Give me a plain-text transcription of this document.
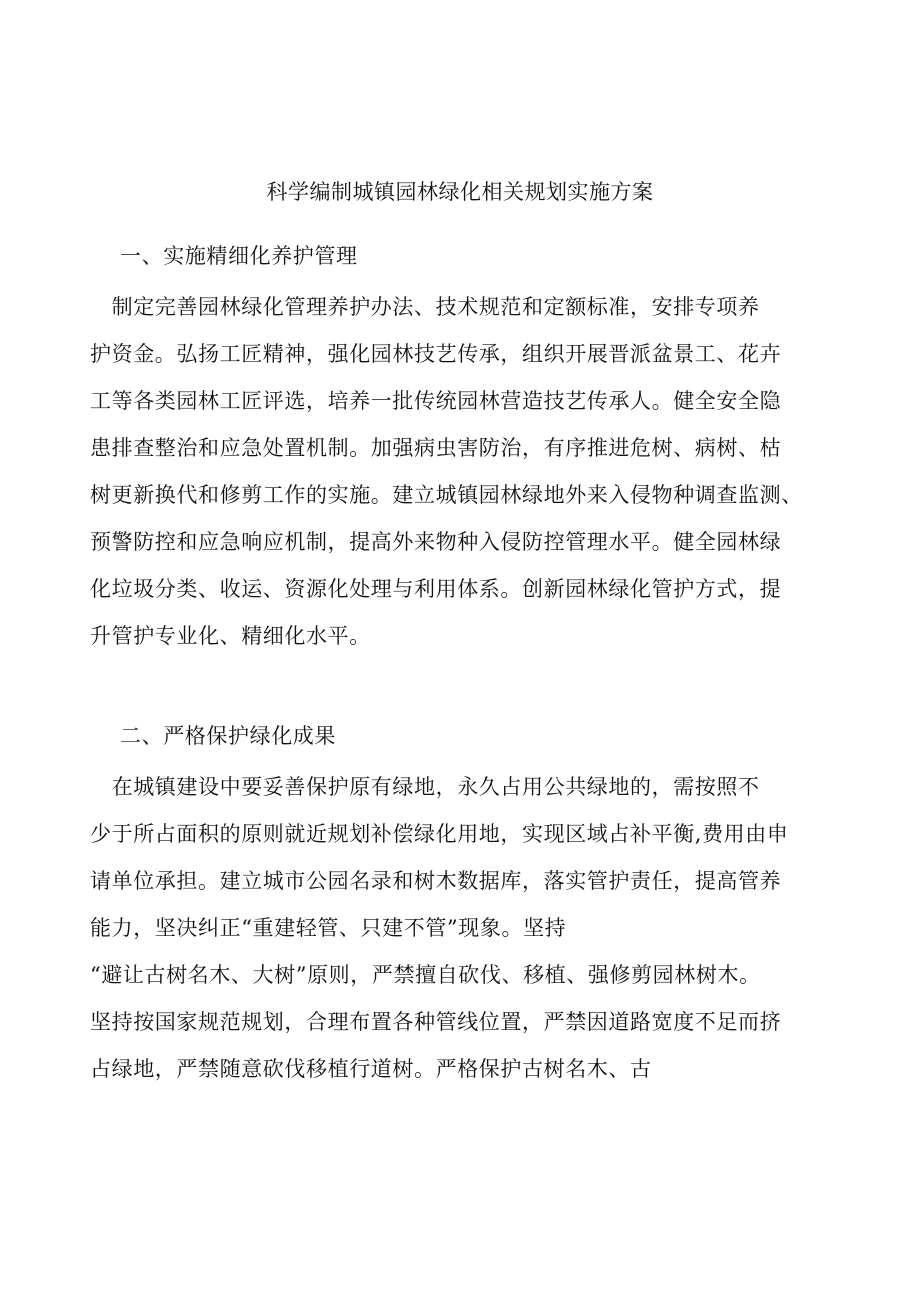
科学编制城镇园林绿化相关规划实施方案
一、实施精细化养护管理
　制定完善园林绿化管理养护办法、技术规范和定额标准，安排专项养
护资金。弘扬工匠精神，强化园林技艺传承，组织开展晋派盆景工、花卉
工等各类园林工匠评选，培养一批传统园林营造技艺传承人。健全安全隐
患排查整治和应急处置机制。加强病虫害防治，有序推进危树、病树、枯
树更新换代和修剪工作的实施。建立城镇园林绿地外来入侵物种调查监测、
预警防控和应急响应机制，提高外来物种入侵防控管理水平。健全园林绿
化垃圾分类、收运、资源化处理与利用体系。创新园林绿化管护方式，提
升管护专业化、精细化水平。
二、严格保护绿化成果
　在城镇建设中要妥善保护原有绿地，永久占用公共绿地的，需按照不
少于所占面积的原则就近规划补偿绿化用地，实现区域占补平衡,费用由申
请单位承担。建立城市公园名录和树木数据库，落实管护责任，提高管养
能力，坚决纠正“重建轻管、只建不管”现象。坚持
“避让古树名木、大树”原则，严禁擅自砍伐、移植、强修剪园林树木。
坚持按国家规范规划，合理布置各种管线位置，严禁因道路宽度不足而挤
占绿地，严禁随意砍伐移植行道树。严格保护古树名木、古
